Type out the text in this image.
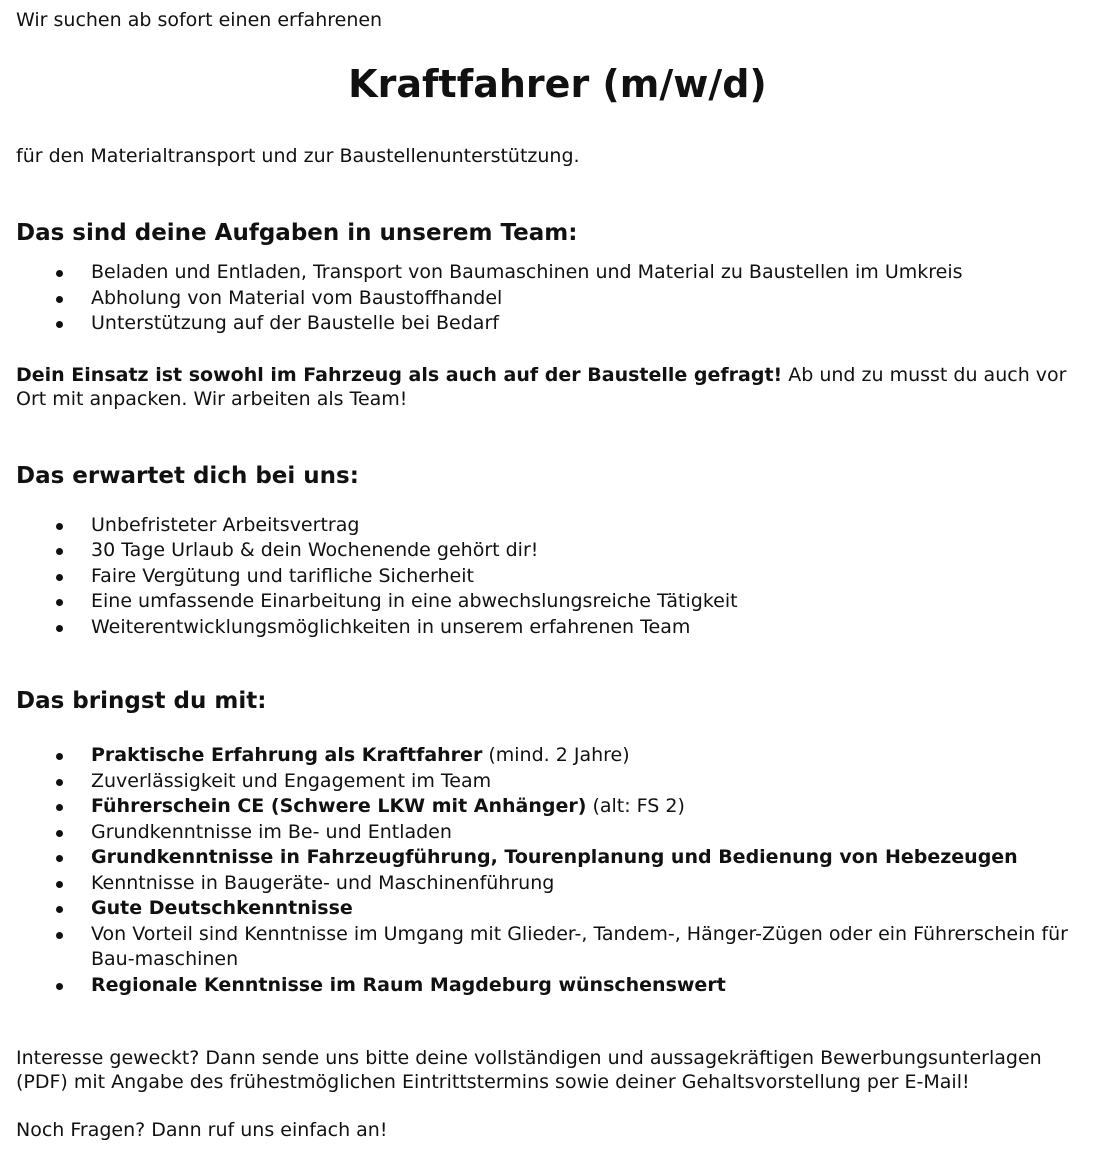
Wir suchen ab sofort einen erfahrenen

Kraftfahrer (m/w/d)

für den Materialtransport und zur Baustellenunterstützung.

Das sind deine Aufgaben in unserem Team:
Beladen und Entladen, Transport von Baumaschinen und Material zu Baustellen im Umkreis
Abholung von Material vom Baustoffhandel
Unterstützung auf der Baustelle bei Bedarf

Dein Einsatz ist sowohl im Fahrzeug als auch auf der Baustelle gefragt! Ab und zu musst du auch vor Ort mit anpacken. Wir arbeiten als Team!

Das erwartet dich bei uns:
Unbefristeter Arbeitsvertrag
30 Tage Urlaub & dein Wochenende gehört dir!
Faire Vergütung und tarifliche Sicherheit
Eine umfassende Einarbeitung in eine abwechslungsreiche Tätigkeit
Weiterentwicklungsmöglichkeiten in unserem erfahrenen Team
Das bringst du mit:
Praktische Erfahrung als Kraftfahrer (mind. 2 Jahre)
Zuverlässigkeit und Engagement im Team
Führerschein CE (Schwere LKW mit Anhänger) (alt: FS 2)
Grundkenntnisse im Be- und Entladen
Grundkenntnisse in Fahrzeugführung, Tourenplanung und Bedienung von Hebezeugen
Kenntnisse in Baugeräte- und Maschinenführung
Gute Deutschkenntnisse
Von Vorteil sind Kenntnisse im Umgang mit Glieder-, Tandem-, Hänger-Zügen oder ein Führerschein für Bau-maschinen
Regionale Kenntnisse im Raum Magdeburg wünschenswert

Interesse geweckt? Dann sende uns bitte deine vollständigen und aussagekräftigen Bewerbungsunterlagen (PDF) mit Angabe des frühestmöglichen Eintrittstermins sowie deiner Gehaltsvorstellung per E-Mail!

Noch Fragen? Dann ruf uns einfach an!
